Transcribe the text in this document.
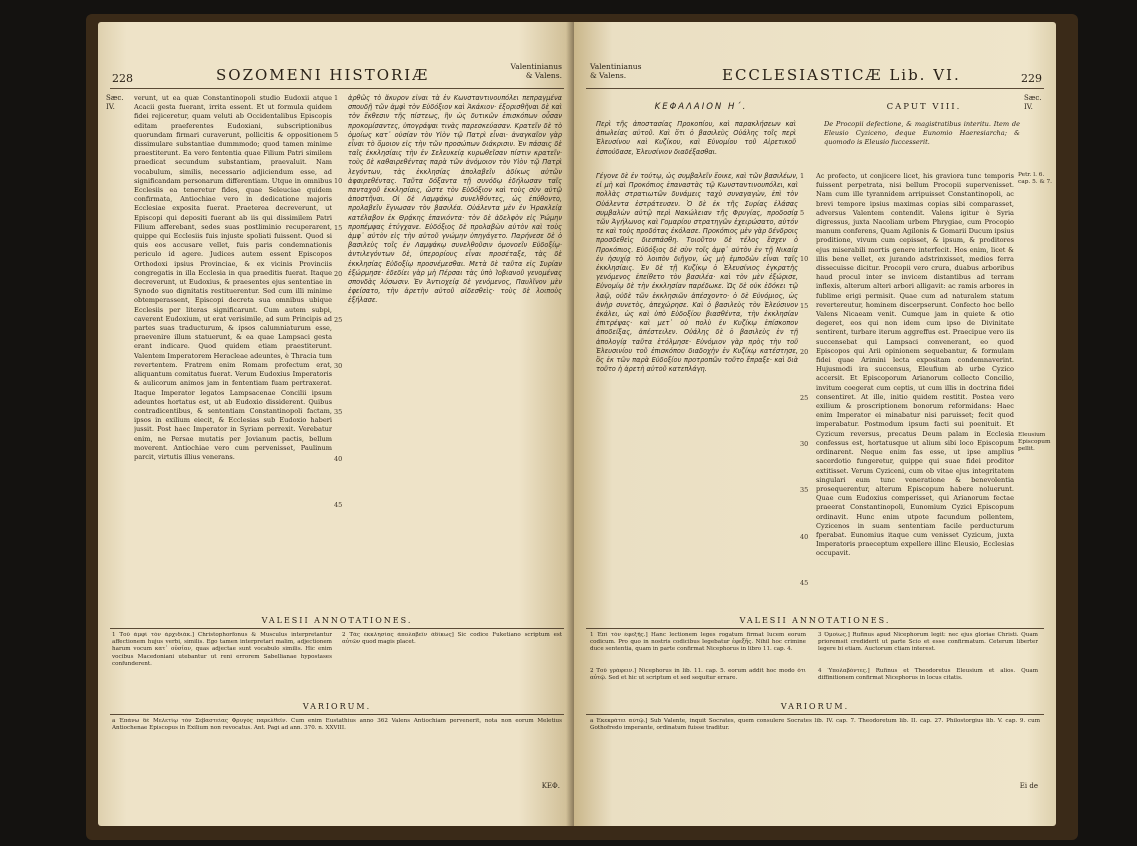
228	SOZOMENI HISTORIÆ	Valentinianus
& Valens.
Sæc.
IV.

verunt, ut ea quæ Constantinopoli studio Eudoxii atque Acacii gesta fuerant, irrita essent. Et ut formula quidem fidei rejiceretur, quam veluti ab Occidentalibus Episcopis editam praeferentes Eudoxiani, subscriptionibus quorundam firmari curaverunt, pollicitis & oppositionem dissimulare substantiae dummmodo; quod tamen minime praestiterunt. Ea vero fententia quae Filium Patri similem praedicat secundum substantiam, praevaluit. Nam vocabulum, similis, necessario adjiciendum esse, ad significandam personarum differentiam. Utque in omnibus Ecclesiis ea teneretur fides, quae Seleuciae quidem confirmata, Antiochiae vero in dedicatione majoris Ecclesiae exposita fuerat. Praeterea decreverunt, ut Episcopi qui depositi fuerant ab iis qui dissimilem Patri Filium afferebant, sedes suas postliminio recuperarent, quippe qui Ecclesiis fuis injuste spoliati fuissent. Quod si quis eos accusare vellet, fuis paris condemnationis periculo id agere. Judices autem essent Episcopos Orthodoxi ipsius Provinciae, & ex vicinis Provinciis congregatis in illa Ecclesia in qua praeditis fuerat. Itaque decreverunt, ut Eudoxius, & praesentes ejus sententiae in Synodo suo dignitatis restituerentur. Sed cum illi minime obtemperassent, Episcopi decreta sua omnibus ubique Ecclesiis per literas significarunt. Cum autem subpi, caverent Eudoxium, ut erat verisimile, ad sum Principis ad partes suas traducturum, & ipsos calumniaturum esse, praevenire illum statuerunt, & ea quae Lampsaci gesta erant indicare. Quod quidem etiam praestiterunt. Valentem Imperatorem Heracleae adeuntes, è Thracia tum revertentem. Fratrem enim Romam profectum erat, aliquantum comitatus fuerat. Verum Eudoxius Imperatoris & aulicorum animos jam in fententiam fuam pertraxerat. Itaque Imperator legatos Lampsacenae Concilii ipsum adeuntes hortatus est, ut ab Eudoxio dissiderent. Quibus contradicentibus, & sententiam Constantinopoli factam, ipsos in exilium eiecit, & Ecclesias sub Eudoxio haberi jussit. Post haec Imperator in Syriam perrexit. Verebatur enim, ne Persae mutatis per Jovianum pactis, bellum moverent. Antiochiae vero cum pervenisset, Paulinum parcit, virtutis illius venerans.

1
5
10
15
20
25
30
35
40
45

ἀρθῶς τὸ ἄκυρον εἶναι τὰ ἐν Κωνσταντινουπόλει πεπραγμένα σπουδῇ τῶν ἀμφὶ τὸν Εὐδόξιον καὶ Ἀκάκιον· ἐξορισθῆναι δὲ καὶ τὸν ἔκθεσιν τῆς πίστεως, ἣν ὡς δυτικῶν ἐπισκόπων οὖσαν προκομίσαντες, ὑπογράψαι τινὰς παρεσκεύασαν. Κρατεῖν δὲ τὸ ὁμοίως κατ᾽ οὐσίαν τὸν Υἱὸν τῷ Πατρὶ εἶναι· ἀναγκαῖον γὰρ εἶναι τὸ ὅμοιον εἰς τὴν τῶν προσώπων διάκρισιν. Ἐν πάσαις δὲ ταῖς ἐκκλησίαις τὴν ἐν Σελευκείᾳ κυρωθεῖσαν πίστιν κρατεῖν· τοὺς δὲ καθαιρεθέντας παρὰ τῶν ἀνόμοιον τὸν Υἱὸν τῷ Πατρὶ λεγόντων, τὰς ἐκκλησίας ἀπολαβεῖν ἀδίκως αὐτῶν ἀφαιρεθέντας. Ταῦτα δόξαντα τῇ συνόδῳ ἐδήλωσαν ταῖς πανταχοῦ ἐκκλησίαις, ὥστε τὸν Εὐδόξιον καὶ τοὺς σὺν αὐτῷ ἀποστῆναι. Οἱ δὲ Λαμψάκῳ συνελθόντες, ὡς ἐπύθοντο, προλαβεῖν ἔγνωσαν τὸν βασιλέα. Οὐάλεντα μὲν ἐν Ἡρακλείᾳ κατέλαβον ἐκ Θρᾴκης ἐπανιόντα· τὸν δὲ ἀδελφὸν εἰς Ῥώμην προπέμψας ἐτύγχανε. Εὐδόξιος δὲ προλαβὼν αὐτὸν καὶ τοὺς ἀμφ᾽ αὐτὸν εἰς τὴν αὑτοῦ γνώμην ὑπηγάγετο. Παρήνεσε δὲ ὁ βασιλεὺς τοῖς ἐν Λαμψάκῳ συνελθοῦσιν ὁμονοεῖν Εὐδοξίῳ· ἀντιλεγόντων δὲ, ὑπερορίους εἶναι προσέταξε, τὰς δὲ ἐκκλησίας Εὐδοξίῳ προσνέμεσθαι. Μετὰ δὲ ταῦτα εἰς Συρίαν ἐξώρμησε· ἐδεδίει γὰρ μὴ Πέρσαι τὰς ὑπὸ Ἰοβιανοῦ γενομένας σπονδὰς λύσωσιν. Ἐν Ἀντιοχείᾳ δὲ γενόμενος, Παυλῖνον μὲν ἐφείσατο, τὴν ἀρετὴν αὐτοῦ αἰδεσθεὶς· τοὺς δὲ λοιποὺς ἐξήλασε.

VALESII ANNOTATIONES.
1 Τοῦ ἀμφὶ τὸν ἀρχιδιάκ.] Christophorfonus & Musculus interpretantur affectionem hujus verbi, similis. Ego tamen interpretari malim, adjectionem harum vocum κατ᾽ οὐσίαν, quas adjectae sunt vocabulo similis. Hic enim vocibus Macedoniani utebantur ut reni errorem Sabellianae hypostases confunderent.
2 Τὰς ἐκκλησίας ἀπολαβεῖν ἀδίκως] Sic codice Fuketiano scriptum est αὐτῶν quod magis placet.
VARIORUM.
a Ἐπάνω δὲ Μελετίῳ τὸν Σεβαστείας Φρυγὸς παρελθεῖν. Cum enim Eustathius anno 362 Valens Antiochiam pervenerit, nota non eorum Meletius Antiochenae Episcopus in Exilium non revocatus. Ant. Pagi ad ann. 370. n. XXVIII.
ΚΕΦ.
Valentinianus
& Valens.	ECCLESIASTICÆ Lib. VI.	229
Sæc.
IV.
ΚΕΦΑΛΑΙΟΝ Η΄.	CAPUT VIII.
Περὶ τῆς ἀποστασίας Προκοπίου, καὶ παρακλήσεων καὶ ἀπωλείας αὐτοῦ. Καὶ ὅτι ὁ βασιλεὺς Οὐάλης τοῖς περὶ Ἐλευσίνου καὶ Κυζίκου, καὶ Εὐνομίου τοῦ Αἱρετικοῦ ἐσπούδασε, Ἐλευσίνιον διαδέξασθαι.
De Procopii defectione, & magistratibus interitu. Item de Eleusio Cyziceno, deque Eunomio Haeresiarcha; & quomodo is Eleusio fuccesserit.

Γέγονε δὲ ἐν τούτῳ, ὡς συμβαλεῖν ἔοικε, καὶ τῶν βασιλέων, εἰ μὴ καὶ Προκόπιος ἐπαναστὰς τῷ Κωνσταντινουπόλει, καὶ πολλὰς στρατιωτῶν δυνάμεις ταχὺ συναγαγὼν, ἐπὶ τὸν Οὐάλεντα ἐστράτευσεν. Ὁ δὲ ἐκ τῆς Συρίας ἐλάσας συμβαλὼν αὐτῷ περὶ Νακώλειαν τῆς Φρυγίας, προδοσίᾳ τῶν Ἀγήλωνος καὶ Γομαρίου στρατηγῶν ἐχειρώσατο, αὐτόν τε καὶ τοὺς προδότας ἐκόλασε. Προκόπιος μὲν γὰρ δένδροις προσδεθεὶς διεσπάσθη. Τοιοῦτον δὲ τέλος ἔσχεν ὁ Προκόπιος. Εὐδόξιος δὲ σὺν τοῖς ἀμφ᾽ αὐτὸν ἐν τῇ Νικαίᾳ ἐν ἡσυχίᾳ τὸ λοιπὸν διῆγον, ὡς μὴ ἐμποδὼν εἶναι ταῖς ἐκκλησίαις. Ἐν δὲ τῇ Κυζίκῳ ὁ Ἐλευσίνιος ἐγκρατὴς γενόμενος ἐπείθετο τὸν βασιλέα· καὶ τὸν μὲν ἐξώρισε, Εὐνομίῳ δὲ τὴν ἐκκλησίαν παρέδωκε. Ὡς δὲ οὐκ ἐδόκει τῷ λαῷ, οὐδὲ τῶν ἐκκλησιῶν ἀπέσχοντο· ὁ δὲ Εὐνόμιος, ὡς ἀνὴρ συνετὸς, ἀπεχώρησε. Καὶ ὁ βασιλεὺς τὸν Ἐλεύσινον ἐκάλει, ὡς καὶ ὑπὸ Εὐδοξίου βιασθέντα, τὴν ἐκκλησίαν ἐπιτρέψας· καὶ μετ᾽ οὐ πολὺ ἐν Κυζίκῳ ἐπίσκοπον ἀποδείξας, ἀπέστειλεν. Οὐάλης δὲ ὁ βασιλεὺς ἐν τῇ ἀπολογίᾳ ταῦτα ἐτόλμησε· Εὐνόμιον γὰρ πρὸς τὴν τοῦ Ἐλευσινίου τοῦ ἐπισκόπου διαδοχὴν ἐν Κυζίκῳ κατέστησε, ὃς ἐκ τῶν παρὰ Εὐδοξίου προτροπῶν τοῦτο ἔπραξε· καὶ διὰ τοῦτο ἡ ἀρετὴ αὐτοῦ κατεπλάγη.

1
5
10
15
20
25
30
35
40
45

Ac profecto, ut conjicere licet, his graviora tunc temporis fuissent perpetrata, nisi bellum Procopii supervenisset. Nam cum ille tyrannidem arripuisset Constantinopoli, ac brevi tempore ipsius maximas copias sibi comparasset, adversus Valentem contendit. Valens igitur è Syria digressus, juxta Nacoliam urbem Phrygiae, cum Procopio manum conferens, Quam Agilonis & Gomarii Ducum ipsius proditione, vivum cum cepisset, & ipsum, & proditores ejus miserabili mortis genere interfecit. Hos enim, licet & illis bene vellet, ex jurando adstrinxisset, medios ferra dissecuisse dicitur. Procopii vero crura, duabus arboribus haud procul inter se invicem distantibus ad terram inflexis, alterum alteri arbori alligavit: ac ramis arbores in fublime erigi permisit. Quae cum ad naturalem statum revertereutur, hominem discerpserunt. Confecto hoc bello Valens Nicaeam venit. Cumque jam in quiete & otio degeret, eos qui non idem cum ipso de Divinitate sentirent, turbare iterum aggreffus est. Praecipue vero iis succensebat qui Lampsaci convenerant, eo quod Episcopos qui Arii opinionem sequebantur, & formulam fidei quae Arimini lecta expositam condemnaverint. Hujusmodi ira succensus, Eleufium ab urbe Cyzico accersit. Et Episcoporum Arianorum collecto Concilio, invitum coegerat cum ceptis, ut cum illis in doctrina fidei consentiret. At ille, initio quidem restitit. Postea vero exilium & proscriptionem bonorum reformidans: Haec enim Imperator ei minabatur nisi paruisset; fecit quod imperabatur. Postmodum ipsum facti sui poenituit. Et Cyzicum reversus, precatus Deum palam in Ecclesia confessus est, hortatusque ut alium sibi loco Episcopum ordinarent. Neque enim fas esse, ut ipse amplius sacerdotio fungeretur, quippe qui suae fidei proditor extitisset. Verum Cyziceni, cum ob vitae ejus integritatem singulari eum tunc veneratione & benevolentia prosequerentur, alterum Episcopum habere noluerunt. Quae cum Eudoxius comperisset, qui Arianorum fectae praeerat Constantinopoli, Eunomium Cyzici Episcopum ordinavit. Hunc enim utpote facundum pollentem, Cyzicenos in suam sententiam facile perducturum fperabat. Eunomius itaque cum venisset Cyzicum, juxta Imperatoris praeceptum expellere illinc Eleusio, Ecclesias occupavit.

Petr. l. 6. cap. 5. & 7.
Eleusium Episcopum pellit.
VALESII ANNOTATIONES.
1 Ἐπὶ τὸν ἐφεξῆς.] Hanc lectionem leges rogatum firmat lucem eorum codicum. Pro quo in nostris codicibus legebatur ἐφεξῆς. Nihil hoc crimine duce sententia, quam in parte confirmat Nicephorus in libro 11. cap. 4.
2 Τοῦ γράφειν.] Nicephorus in lib. 11. cap. 5. eorum addit hoc modo ὃτι αὐτῷ. Sed et hic ut scriptum et sed sequitur errare.
3 Ὁμοίως.] Rufinus apud Nicephorum legit: nec ejus gloriae Christi. Quam prioremsit crediderit ut parte Scio et esse confirmatum. Ceterum liberter legere bi etiam. Auctorum ctiam interest.
4 Ὑπολαβόντες.] Rufinus et Theodoretus Eleusium et alios. Quam diffinitionem confirmat Nicephorus in locus citatis.
VARIORUM.
a Ἐκεκράτει αὐτῷ.] Sub Valente, inquit Socrates, quem consulere Socrates lib. IV. cap. 7. Theodoretum lib. II. cap. 27. Philostorgius lib. V. cap. 9. cum Gothofredo imperante, ordinatum fuisse traditur.
Ei de
